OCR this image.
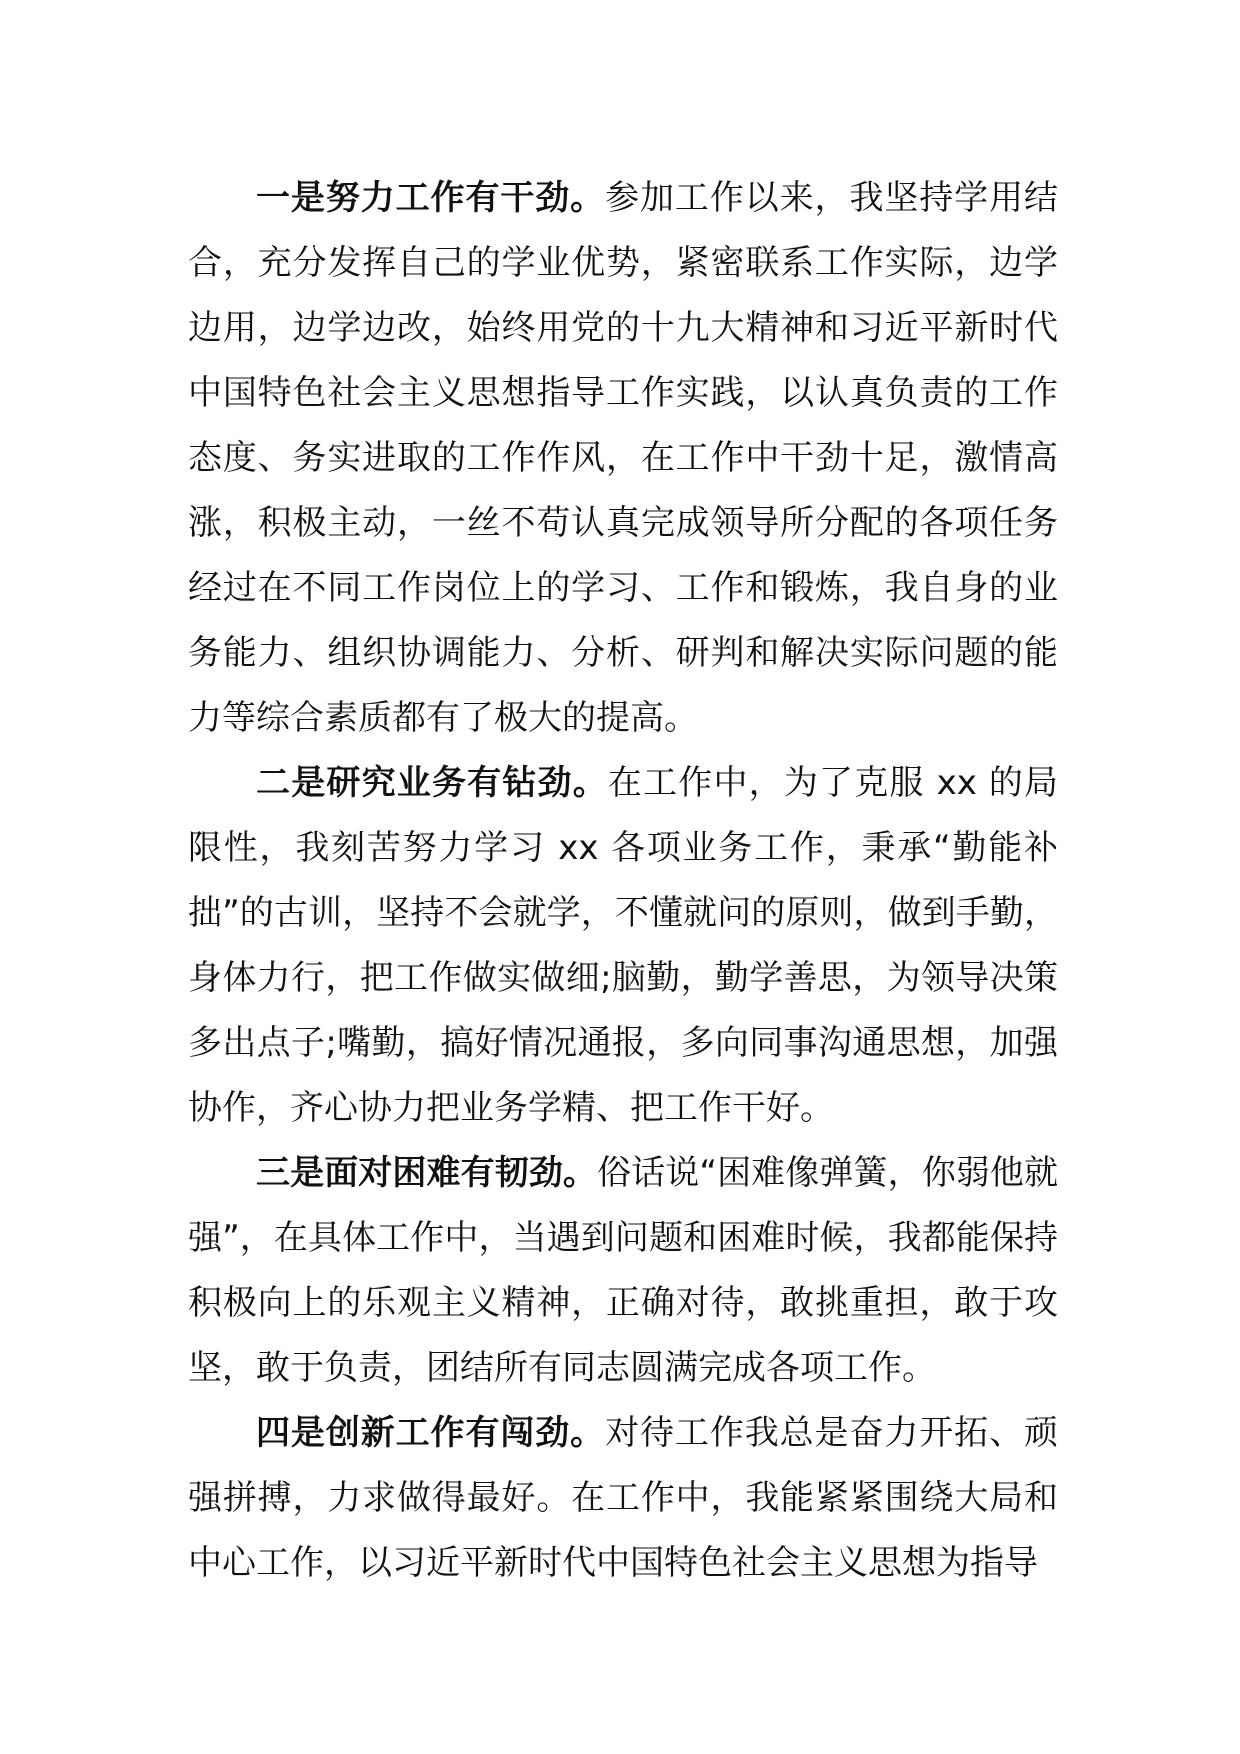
一是努力工作有干劲。参加工作以来，我坚持学用结合，充分发挥自己的学业优势，紧密联系工作实际，边学边用，边学边改，始终用党的十九大精神和习近平新时代中国特色社会主义思想指导工作实践，以认真负责的工作态度、务实进取的工作作风，在工作中干劲十足，激情高涨，积极主动，一丝不苟认真完成领导所分配的各项任务经过在不同工作岗位上的学习、工作和锻炼，我自身的业务能力、组织协调能力、分析、研判和解决实际问题的能力等综合素质都有了极大的提高。

二是研究业务有钻劲。在工作中，为了克服 xx 的局限性，我刻苦努力学习 xx 各项业务工作，秉承“勤能补拙”的古训，坚持不会就学，不懂就问的原则，做到手勤，身体力行，把工作做实做细;脑勤，勤学善思，为领导决策多出点子;嘴勤，搞好情况通报，多向同事沟通思想，加强协作，齐心协力把业务学精、把工作干好。

三是面对困难有韧劲。俗话说“困难像弹簧，你弱他就强”，在具体工作中，当遇到问题和困难时候，我都能保持积极向上的乐观主义精神，正确对待，敢挑重担，敢于攻坚，敢于负责，团结所有同志圆满完成各项工作。

四是创新工作有闯劲。对待工作我总是奋力开拓、顽强拼搏，力求做得最好。在工作中，我能紧紧围绕大局和中心工作，以习近平新时代中国特色社会主义思想为指导
